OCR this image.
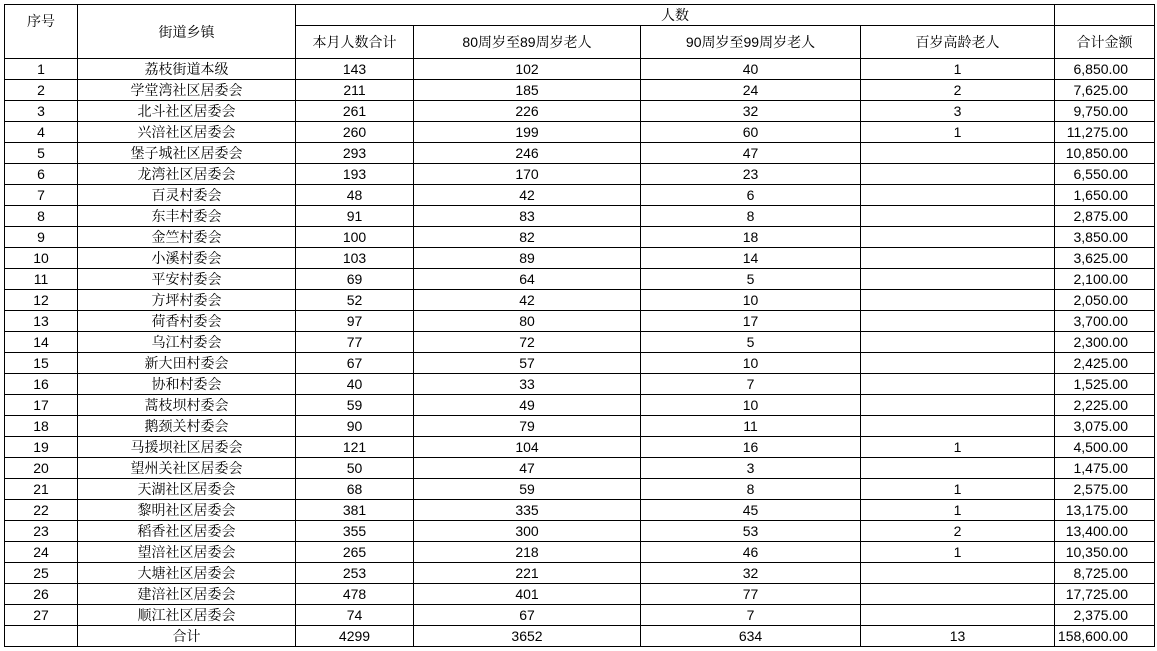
序号	街道乡镇	人数				
		本月人数合计	80周岁至89周岁老人	90周岁至99周岁老人	百岁高龄老人	合计金额
1	荔枝街道本级	143	102	40	1	6,850.00
2	学堂湾社区居委会	211	185	24	2	7,625.00
3	北斗社区居委会	261	226	32	3	9,750.00
4	兴涪社区居委会	260	199	60	1	11,275.00
5	堡子城社区居委会	293	246	47		10,850.00
6	龙湾社区居委会	193	170	23		6,550.00
7	百灵村委会	48	42	6		1,650.00
8	东丰村委会	91	83	8		2,875.00
9	金竺村委会	100	82	18		3,850.00
10	小溪村委会	103	89	14		3,625.00
11	平安村委会	69	64	5		2,100.00
12	方坪村委会	52	42	10		2,050.00
13	荷香村委会	97	80	17		3,700.00
14	乌江村委会	77	72	5		2,300.00
15	新大田村委会	67	57	10		2,425.00
16	协和村委会	40	33	7		1,525.00
17	蒿枝坝村委会	59	49	10		2,225.00
18	鹅颈关村委会	90	79	11		3,075.00
19	马援坝社区居委会	121	104	16	1	4,500.00
20	望州关社区居委会	50	47	3		1,475.00
21	天湖社区居委会	68	59	8	1	2,575.00
22	黎明社区居委会	381	335	45	1	13,175.00
23	稻香社区居委会	355	300	53	2	13,400.00
24	望涪社区居委会	265	218	46	1	10,350.00
25	大塘社区居委会	253	221	32		8,725.00
26	建涪社区居委会	478	401	77		17,725.00
27	顺江社区居委会	74	67	7		2,375.00
	合计	4299	3652	634	13	158,600.00
